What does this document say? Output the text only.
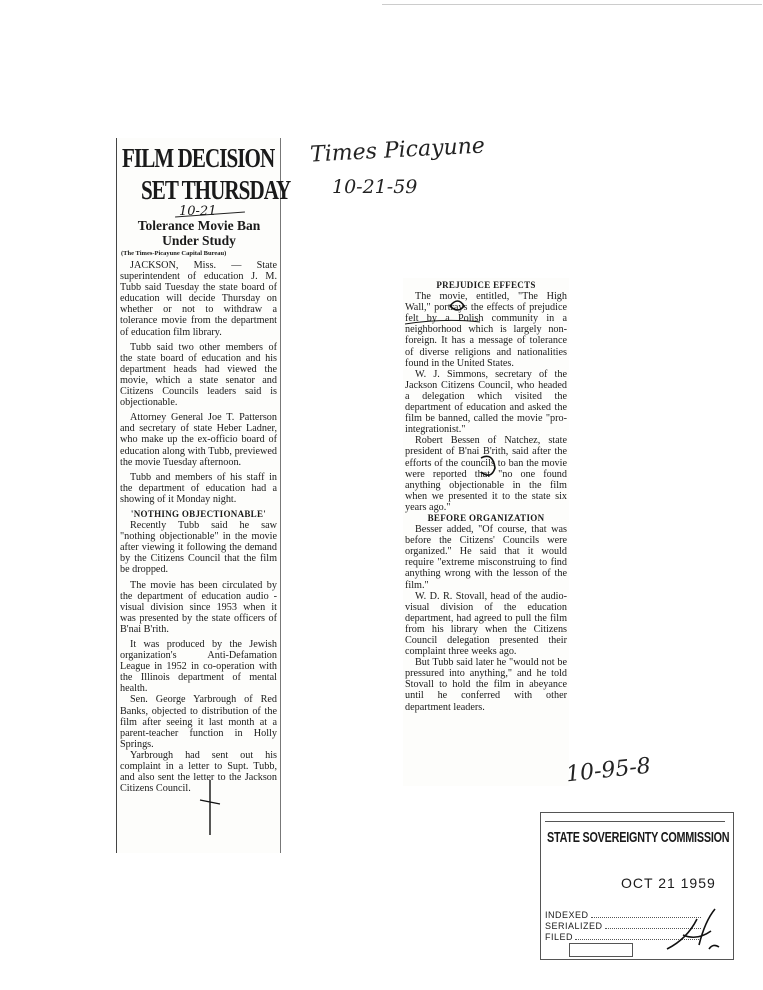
FILM DECISION
SET THURSDAY
10-21
Tolerance Movie Ban
Under Study
(The Times-Picayune Capital Bureau)

JACKSON, Miss. — State superintendent of education J. M. Tubb said Tuesday the state board of education will decide Thursday on whether or not to withdraw a tolerance movie from the department of education film library.

Tubb said two other members of the state board of education and his department heads had viewed the movie, which a state senator and Citizens Councils leaders said is objectionable.

Attorney General Joe T. Patterson and secretary of state Heber Ladner, who make up the ex-officio board of education along with Tubb, previewed the movie Tuesday afternoon.

Tubb and members of his staff in the department of education had a showing of it Monday night.

'NOTHING OBJECTIONABLE'

Recently Tubb said he saw "nothing objectionable" in the movie after viewing it following the demand by the Citizens Council that the film be dropped.

The movie has been circulated by the department of education audio - visual division since 1953 when it was presented by the state officers of B'nai B'rith.

It was produced by the Jewish organization's Anti-Defamation League in 1952 in co-operation with the Illinois department of mental health.

Sen. George Yarbrough of Red Banks, objected to distribution of the film after seeing it last month at a parent-teacher function in Holly Springs.

Yarbrough had sent out his complaint in a letter to Supt. Tubb, and also sent the letter to the Jackson Citizens Council.

PREJUDICE EFFECTS

The movie, entitled, "The High Wall," portrays the effects of prejudice felt by a Polish community in a neighborhood which is largely non-foreign. It has a message of tolerance of diverse religions and nationalities found in the United States.

W. J. Simmons, secretary of the Jackson Citizens Council, who headed a delegation which visited the department of education and asked the film be banned, called the movie "pro-integrationist."

Robert Bessen of Natchez, state president of B'nai B'rith, said after the efforts of the councils to ban the movie were reported that "no one found anything objectionable in the film when we presented it to the state six years ago."

BEFORE ORGANIZATION

Besser added, "Of course, that was before the Citizens' Councils were organized." He said that it would require "extreme misconstruing to find anything wrong with the lesson of the film."

W. D. R. Stovall, head of the audio-visual division of the education department, had agreed to pull the film from his library when the Citizens Council delegation presented their complaint three weeks ago.

But Tubb said later he "would not be pressured into anything," and he told Stovall to hold the film in abeyance until he conferred with other department leaders.

Times Picayune
10-21-59
10-95-8
STATE SOVEREIGNTY COMMISSION
OCT 21 1959
INDEXED
SERIALIZED
FILED
